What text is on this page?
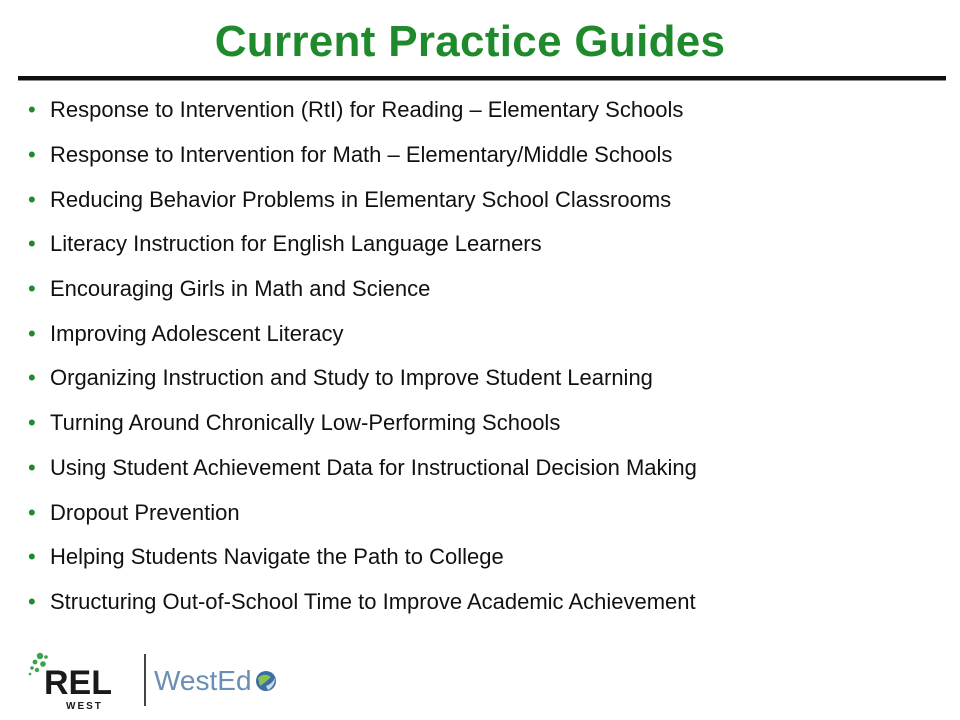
Current Practice Guides
• Response to Intervention (RtI) for Reading – Elementary Schools
• Response to Intervention for Math – Elementary/Middle Schools
• Reducing Behavior Problems in Elementary School Classrooms
• Literacy Instruction for English Language Learners
• Encouraging Girls in Math and Science
• Improving Adolescent Literacy
• Organizing Instruction and Study to Improve Student Learning
• Turning Around Chronically Low-Performing Schools
• Using Student Achievement Data for Instructional Decision Making
• Dropout Prevention
• Helping Students Navigate the Path to College
• Structuring Out-of-School Time to Improve Academic Achievement
REL
WEST
WestEd
